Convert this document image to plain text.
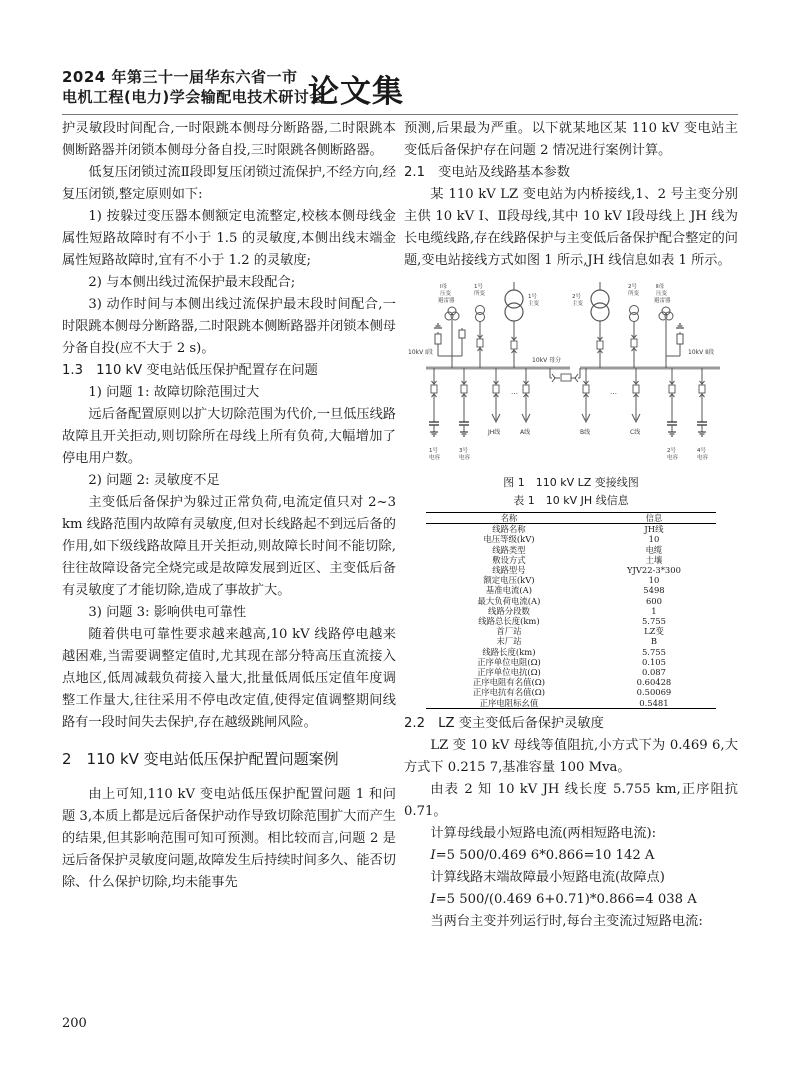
2024 年第三十一届华东六省一市
电机工程(电力)学会输配电技术研讨会
论文集

护灵敏段时间配合,一时限跳本侧母分断路器,二时限跳本侧断路器并闭锁本侧母分备自投,三时限跳各侧断路器。

低复压闭锁过流Ⅱ段即复压闭锁过流保护,不经方向,经复压闭锁,整定原则如下:

1) 按躲过变压器本侧额定电流整定,校核本侧母线金属性短路故障时有不小于 1.5 的灵敏度,本侧出线末端金属性短路故障时,宜有不小于 1.2 的灵敏度;

2) 与本侧出线过流保护最末段配合;

3) 动作时间与本侧出线过流保护最末段时间配合,一时限跳本侧母分断路器,二时限跳本侧断路器并闭锁本侧母分备自投(应不大于 2 s)。

1.3　110 kV 变电站低压保护配置存在问题

1) 问题 1: 故障切除范围过大

远后备配置原则以扩大切除范围为代价,一旦低压线路故障且开关拒动,则切除所在母线上所有负荷,大幅增加了停电用户数。

2) 问题 2: 灵敏度不足

主变低后备保护为躲过正常负荷,电流定值只对 2~3 km 线路范围内故障有灵敏度,但对长线路起不到远后备的作用,如下级线路故障且开关拒动,则故障长时间不能切除,往往故障设备完全烧完或是故障发展到近区、主变低后备有灵敏度了才能切除,造成了事故扩大。

3) 问题 3: 影响供电可靠性

随着供电可靠性要求越来越高,10 kV 线路停电越来越困难,当需要调整定值时,尤其现在部分特高压直流接入点地区,低周减载负荷接入量大,批量低周低压定值年度调整工作量大,往往采用不停电改定值,使得定值调整期间线路有一段时间失去保护,存在越级跳闸风险。

2　110 kV 变电站低压保护配置问题案例

由上可知,110 kV 变电站低压保护配置问题 1 和问题 3,本质上都是远后备保护动作导致切除范围扩大而产生的结果,但其影响范围可知可预测。相比较而言,问题 2 是远后备保护灵敏度问题,故障发生后持续时间多久、能否切除、什么保护切除,均未能事先

预测,后果最为严重。以下就某地区某 110 kV 变电站主变低后备保护存在问题 2 情况进行案例计算。

2.1　变电站及线路基本参数

某 110 kV LZ 变电站为内桥接线,1、2 号主变分别主供 10 kV Ⅰ、Ⅱ段母线,其中 10 kV Ⅰ段母线上 JH 线为长电缆线路,存在线路保护与主变低后备保护配合整定的问题,变电站接线方式如图 1 所示,JH 线信息如表 1 所示。

10kV Ⅰ段	10kV Ⅱ段
10kV 母分
Ⅰ母
压变
避雷器
1号
所变	1号
主变
2号
主变
2号
所变
Ⅱ母
压变
避雷器
…	…
JH线	A线	B线	C线
1号
电容
3号
电容
2号
电容
4号
电容
图 1　110 kV LZ 变接线图
表 1　10 kV JH 线信息
名称	信息
线路名称	JH线
电压等级(kV)	10
线路类型	电缆
敷设方式	土壤
线路型号	YJV22-3*300
额定电压(kV)	10
基准电流(A)	5498
最大负荷电流(A)	600
线路分段数	1
线路总长度(km)	5.755
首厂站	LZ变
末厂站	B
线路长度(km)	5.755
正序单位电阻(Ω)	0.105
正序单位电抗(Ω)	0.087
正序电阻有名值(Ω)	0.60428
正序电抗有名值(Ω)	0.50069
正序电阻标幺值	0.5481

2.2　LZ 变主变低后备保护灵敏度

LZ 变 10 kV 母线等值阻抗,小方式下为 0.469 6,大方式下 0.215 7,基准容量 100 Mva。

由表 2 知 10 kV JH 线长度 5.755 km,正序阻抗 0.71。

计算母线最小短路电流(两相短路电流):

I=5 500/0.469 6*0.866=10 142 A

计算线路末端故障最小短路电流(故障点)

I=5 500/(0.469 6+0.71)*0.866=4 038 A

当两台主变并列运行时,每台主变流过短路电流:

200
